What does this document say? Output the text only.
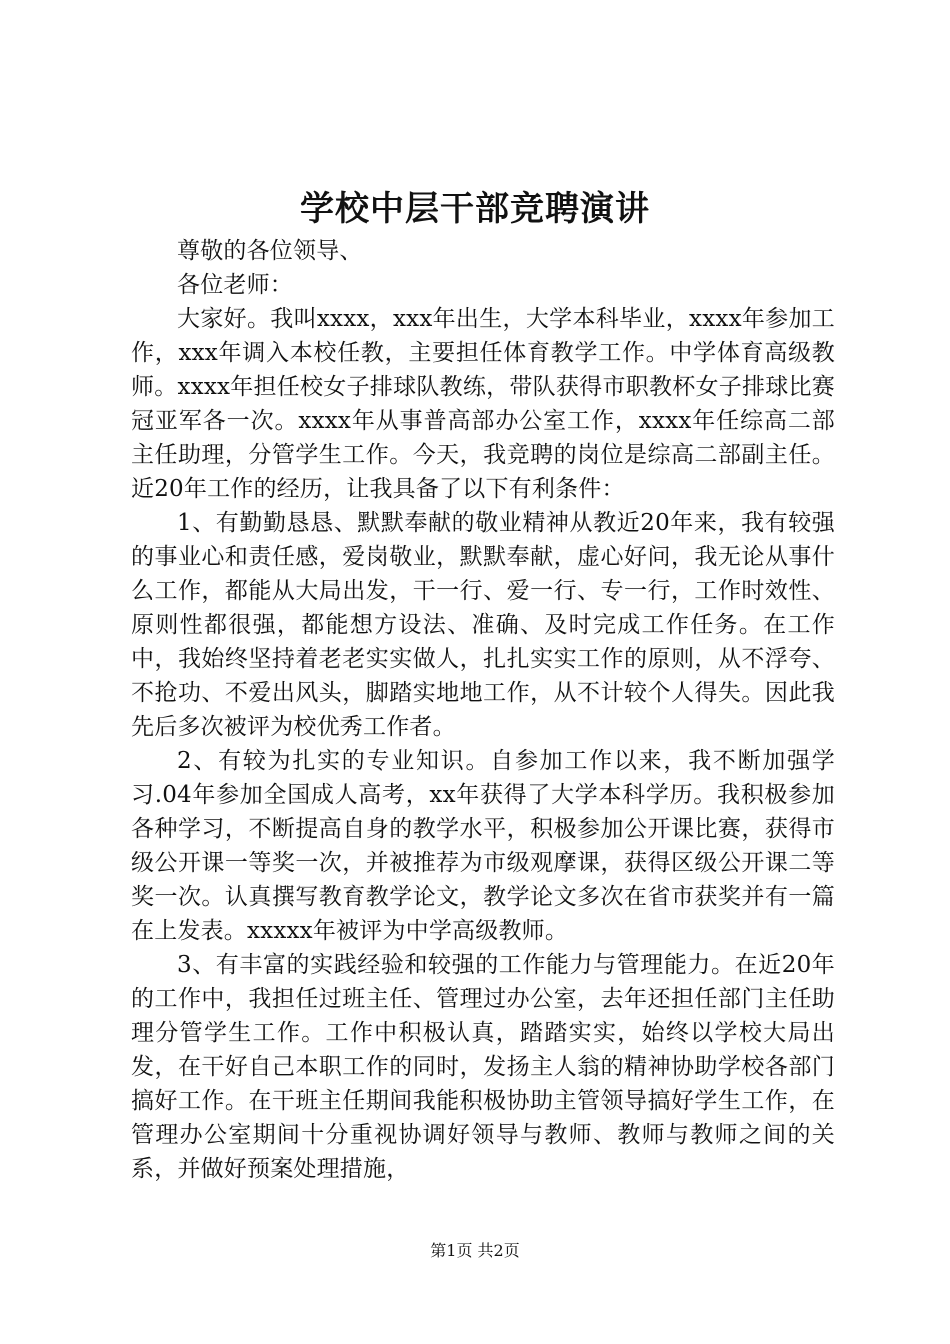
学校中层干部竞聘演讲

尊敬的各位领导、

各位老师：

大家好。我叫xxxx，xxx年出生，大学本科毕业，xxxx年参加工作，xxx年调入本校任教，主要担任体育教学工作。中学体育高级教师。xxxx年担任校女子排球队教练，带队获得市职教杯女子排球比赛冠亚军各一次。xxxx年从事普高部办公室工作，xxxx年任综高二部主任助理，分管学生工作。今天，我竞聘的岗位是综高二部副主任。近20年工作的经历，让我具备了以下有利条件：

1、有勤勤恳恳、默默奉献的敬业精神从教近20年来，我有较强的事业心和责任感，爱岗敬业，默默奉献，虚心好问，我无论从事什么工作，都能从大局出发，干一行、爱一行、专一行，工作时效性、原则性都很强，都能想方设法、准确、及时完成工作任务。在工作中，我始终坚持着老老实实做人，扎扎实实工作的原则，从不浮夸、不抢功、不爱出风头，脚踏实地地工作，从不计较个人得失。因此我先后多次被评为校优秀工作者。

2、有较为扎实的专业知识。自参加工作以来，我不断加强学习.04年参加全国成人高考，xx年获得了大学本科学历。我积极参加各种学习，不断提高自身的教学水平，积极参加公开课比赛，获得市级公开课一等奖一次，并被推荐为市级观摩课，获得区级公开课二等奖一次。认真撰写教育教学论文，教学论文多次在省市获奖并有一篇在上发表。xxxxx年被评为中学高级教师。

3、有丰富的实践经验和较强的工作能力与管理能力。在近20年的工作中，我担任过班主任、管理过办公室，去年还担任部门主任助理分管学生工作。工作中积极认真，踏踏实实，始终以学校大局出发，在干好自己本职工作的同时，发扬主人翁的精神协助学校各部门搞好工作。在干班主任期间我能积极协助主管领导搞好学生工作，在管理办公室期间十分重视协调好领导与教师、教师与教师之间的关系，并做好预案处理措施，

第1页 共2页
